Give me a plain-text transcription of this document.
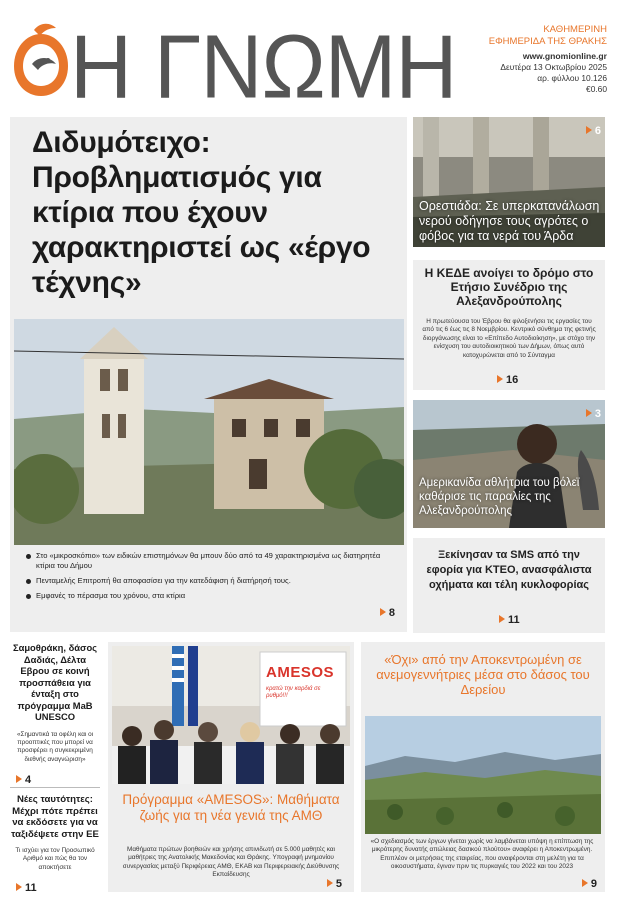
Η ΓΝΩΜΗ	ΚΑΘΗΜΕΡΙΝΗ
ΕΦΗΜΕΡΙΔΑ ΤΗΣ ΘΡΑΚΗΣ
www.gnomionline.gr
Δευτέρα 13 Οκτωβρίου 2025
αρ. φύλλου 10.126
€0.60
Διδυμότειχο: Προβληματισμός για κτίρια που έχουν χαρακτηριστεί ως «έργο τέχνης»
Στο «μικροσκόπιο» των ειδικών επιστημόνων θα μπουν δύο από τα 49 χαρακτηρισμένα ως διατηρητέα κτίρια του Δήμου
Πενταμελής Επιτροπή θα αποφασίσει για την κατεδάφιση ή διατήρησή τους.
Εμφανές το πέρασμα του χρόνου, στα κτίρια
8
6
Ορεστιάδα: Σε υπερκατανάλωση νερού οδήγησε τους αγρότες ο φόβος για τα νερά του Άρδα
Η ΚΕΔΕ ανοίγει το δρόμο στο Ετήσιο Συνέδριο της Αλεξανδρούπολης
Η πρωτεύουσα του Έβρου θα φιλοξενήσει τις εργασίες του από τις 6 έως τις 8 Νοεμβρίου. Κεντρικό σύνθημα της φετινής διοργάνωσης είναι το «Επίπεδο Αυτοδιοίκηση», με στόχο την ενίσχυση του αυτοδιοικητικού των Δήμων, όπως αυτό κατοχυρώνεται από το Σύνταγμα
16
3
Αμερικανίδα αθλήτρια του βόλεϊ καθάρισε τις παραλίες της Αλεξανδρούπολης
Ξεκίνησαν τα SMS από την εφορία για ΚΤΕΟ, ανασφάλιστα οχήματα και τέλη κυκλοφορίας
11
Σαμοθράκη, δάσος Δαδιάς, Δέλτα Εβρου σε κοινή προσπάθεια για ένταξη στο πρόγραμμα MaB UNESCO
«Σημαντικά τα οφέλη και οι προοπτικές που μπορεί να προσφέρει η συγκεκριμένη διεθνής αναγνώριση»
4
Νέες ταυτότητες: Μέχρι πότε πρέπει να εκδόσετε για να ταξιδέψετε στην ΕΕ
Τι ισχύει για τον Προσωπικό Αριθμό και πώς θα τον αποκτήσετε
11
AMESOS
κρατώ την καρδιά σε ρυθμό!!!
Πρόγραμμα «AMESOS»: Μαθήματα ζωής για τη νέα γενιά της ΑΜΘ
Μαθήματα πρώτων βοηθειών και χρήσης απινιδωτή σε 5.000 μαθητές και μαθήτριες της Ανατολικής Μακεδονίας και Θράκης. Υπογραφή μνημονίου συνεργασίας μεταξύ Περιφέρειας ΑΜΘ, ΕΚΑΒ και Περιφερειακής Διεύθυνσης Εκπαίδευσης
5
«Όχι» από την Αποκεντρωμένη σε ανεμογεννήτριες μέσα στο δάσος του Δερείου
«Ο σχεδιασμός των έργων γίνεται χωρίς να λαμβάνεται υπόψη η επίπτωση της μικρότερης δυνατής απώλειας δασικού πλούτου» αναφέρει η Αποκεντρωμένη. Επιπλέον οι μετρήσεις της εταιρείας, που αναφέρονται στη μελέτη για τα οικοσυστήματα, έγιναν πριν τις πυρκαγιές του 2022 και του 2023
9
